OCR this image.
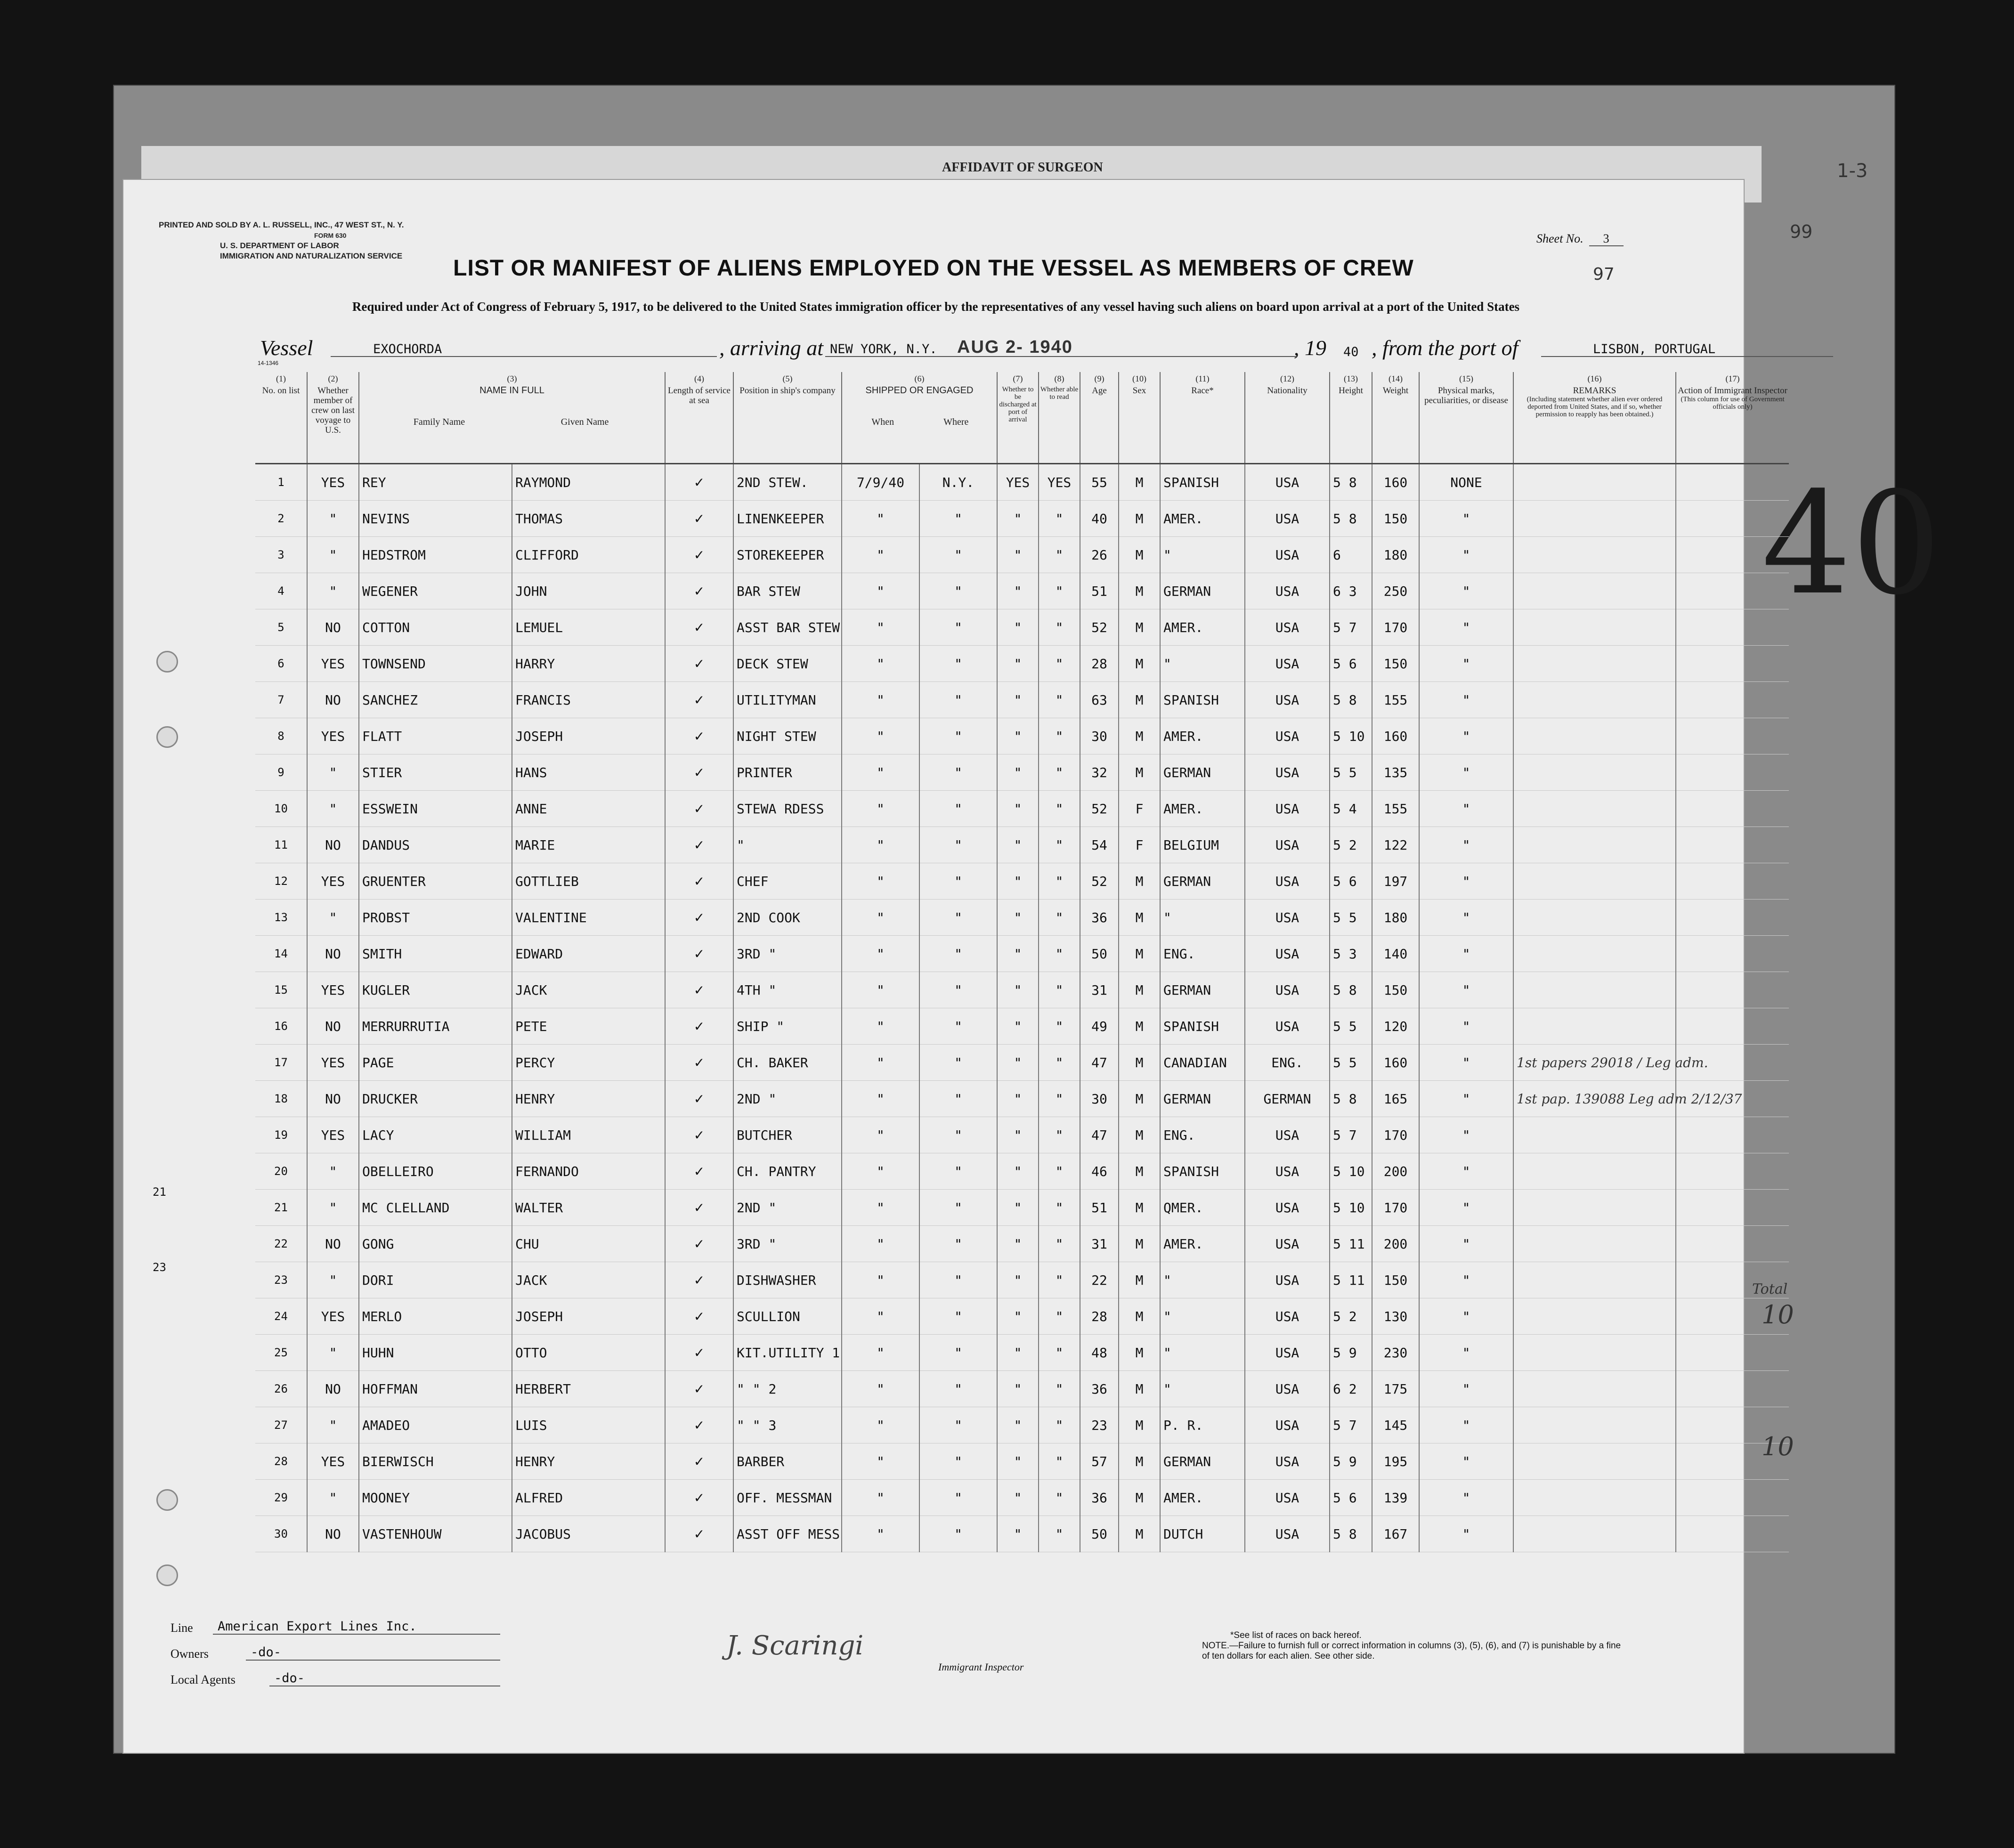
AFFIDAVIT OF SURGEON	1-3
99
40
PRINTED AND SOLD BY A. L. RUSSELL, INC., 47 WEST ST., N. Y.
FORM 630
U. S. DEPARTMENT OF LABOR
IMMIGRATION AND NATURALIZATION SERVICE
Sheet No. 3
97
LIST OR MANIFEST OF ALIENS EMPLOYED ON THE VESSEL AS MEMBERS OF CREW
Required under Act of Congress of February 5, 1917, to be delivered to the United States immigration officer by the representatives of any vessel having such aliens on board upon arrival at a port of the United States
Vessel	EXOCHORDA	, arriving at NEW YORK, N.Y. AUG 2- 1940	, 19 40 , from the port of	LISBON, PORTUGAL
14-1346
(1)
No. on list	(2)
Whether member of crew on last voyage to U.S.	(3)
NAME IN FULL
Family Name Given Name		(4)
Length of service at sea	(5)
Position in ship's company	(6)
SHIPPED OR ENGAGED
When Where		(7)
Whether to be discharged at port of arrival	(8)
Whether able to read	(9)
Age	(10)
Sex	(11)
Race*	(12)
Nationality	(13)
Height	(14)
Weight	(15)
Physical marks, peculiarities, or disease	(16)
REMARKS
(Including statement whether alien ever ordered deported from United States, and if so, whether permission to reapply has been obtained.)	(17)
Action of Immigrant Inspector
(This column for use of Government officials only)

1	YES	REY	RAYMOND	✓	2ND STEW.	7/9/40	N.Y.	YES	YES	55	M	SPANISH	USA	5 8	160	NONE		
2	"	NEVINS	THOMAS	✓	LINENKEEPER	"	"	"	"	40	M	AMER.	USA	5 8	150	"		
3	"	HEDSTROM	CLIFFORD	✓	STOREKEEPER	"	"	"	"	26	M	"	USA	6	180	"		
4	"	WEGENER	JOHN	✓	BAR STEW	"	"	"	"	51	M	GERMAN	USA	6 3	250	"		
5	NO	COTTON	LEMUEL	✓	ASST BAR STEW	"	"	"	"	52	M	AMER.	USA	5 7	170	"		
6	YES	TOWNSEND	HARRY	✓	DECK STEW	"	"	"	"	28	M	"	USA	5 6	150	"		
7	NO	SANCHEZ	FRANCIS	✓	UTILITYMAN	"	"	"	"	63	M	SPANISH	USA	5 8	155	"		
8	YES	FLATT	JOSEPH	✓	NIGHT STEW	"	"	"	"	30	M	AMER.	USA	5 10	160	"		
9	"	STIER	HANS	✓	PRINTER	"	"	"	"	32	M	GERMAN	USA	5 5	135	"		
10	"	ESSWEIN	ANNE	✓	STEWA RDESS	"	"	"	"	52	F	AMER.	USA	5 4	155	"		
11	NO	DANDUS	MARIE	✓	"	"	"	"	"	54	F	BELGIUM	USA	5 2	122	"		
12	YES	GRUENTER	GOTTLIEB	✓	CHEF	"	"	"	"	52	M	GERMAN	USA	5 6	197	"		
13	"	PROBST	VALENTINE	✓	2ND COOK	"	"	"	"	36	M	"	USA	5 5	180	"		
14	NO	SMITH	EDWARD	✓	3RD "	"	"	"	"	50	M	ENG.	USA	5 3	140	"		
15	YES	KUGLER	JACK	✓	4TH "	"	"	"	"	31	M	GERMAN	USA	5 8	150	"		
16	NO	MERRURRUTIA	PETE	✓	SHIP "	"	"	"	"	49	M	SPANISH	USA	5 5	120	"		
17	YES	PAGE	PERCY	✓	CH. BAKER	"	"	"	"	47	M	CANADIAN	ENG.	5 5	160	"	1st papers 29018 / Leg adm.	
18	NO	DRUCKER	HENRY	✓	2ND "	"	"	"	"	30	M	GERMAN	GERMAN	5 8	165	"	1st pap. 139088 Leg adm 2/12/37	
19	YES	LACY	WILLIAM	✓	BUTCHER	"	"	"	"	47	M	ENG.	USA	5 7	170	"		
20	"	OBELLEIRO	FERNANDO	✓	CH. PANTRY	"	"	"	"	46	M	SPANISH	USA	5 10	200	"		
21	"	MC CLELLAND	WALTER	✓	2ND "	"	"	"	"	51	M	QMER.	USA	5 10	170	"		
22	NO	GONG	CHU	✓	3RD "	"	"	"	"	31	M	AMER.	USA	5 11	200	"		
23	"	DORI	JACK	✓	DISHWASHER	"	"	"	"	22	M	"	USA	5 11	150	"		
24	YES	MERLO	JOSEPH	✓	SCULLION	"	"	"	"	28	M	"	USA	5 2	130	"		
25	"	HUHN	OTTO	✓	KIT.UTILITY 1	"	"	"	"	48	M	"	USA	5 9	230	"		
26	NO	HOFFMAN	HERBERT	✓	" " 2	"	"	"	"	36	M	"	USA	6 2	175	"		
27	"	AMADEO	LUIS	✓	" " 3	"	"	"	"	23	M	P. R.	USA	5 7	145	"		
28	YES	BIERWISCH	HENRY	✓	BARBER	"	"	"	"	57	M	GERMAN	USA	5 9	195	"		
29	"	MOONEY	ALFRED	✓	OFF. MESSMAN	"	"	"	"	36	M	AMER.	USA	5 6	139	"		
30	NO	VASTENHOUW	JACOBUS	✓	ASST OFF MESS	"	"	"	"	50	M	DUTCH	USA	5 8	167	"		
21
23
Line	American Export Lines Inc.
Owners	-do-
Local Agents	-do-
J. Scaringi
Immigrant Inspector
*See list of races on back hereof.
NOTE.—Failure to furnish full or correct information in columns (3), (5), (6), and (7) is punishable by a fine of ten dollars for each alien. See other side.
Total
10
10
